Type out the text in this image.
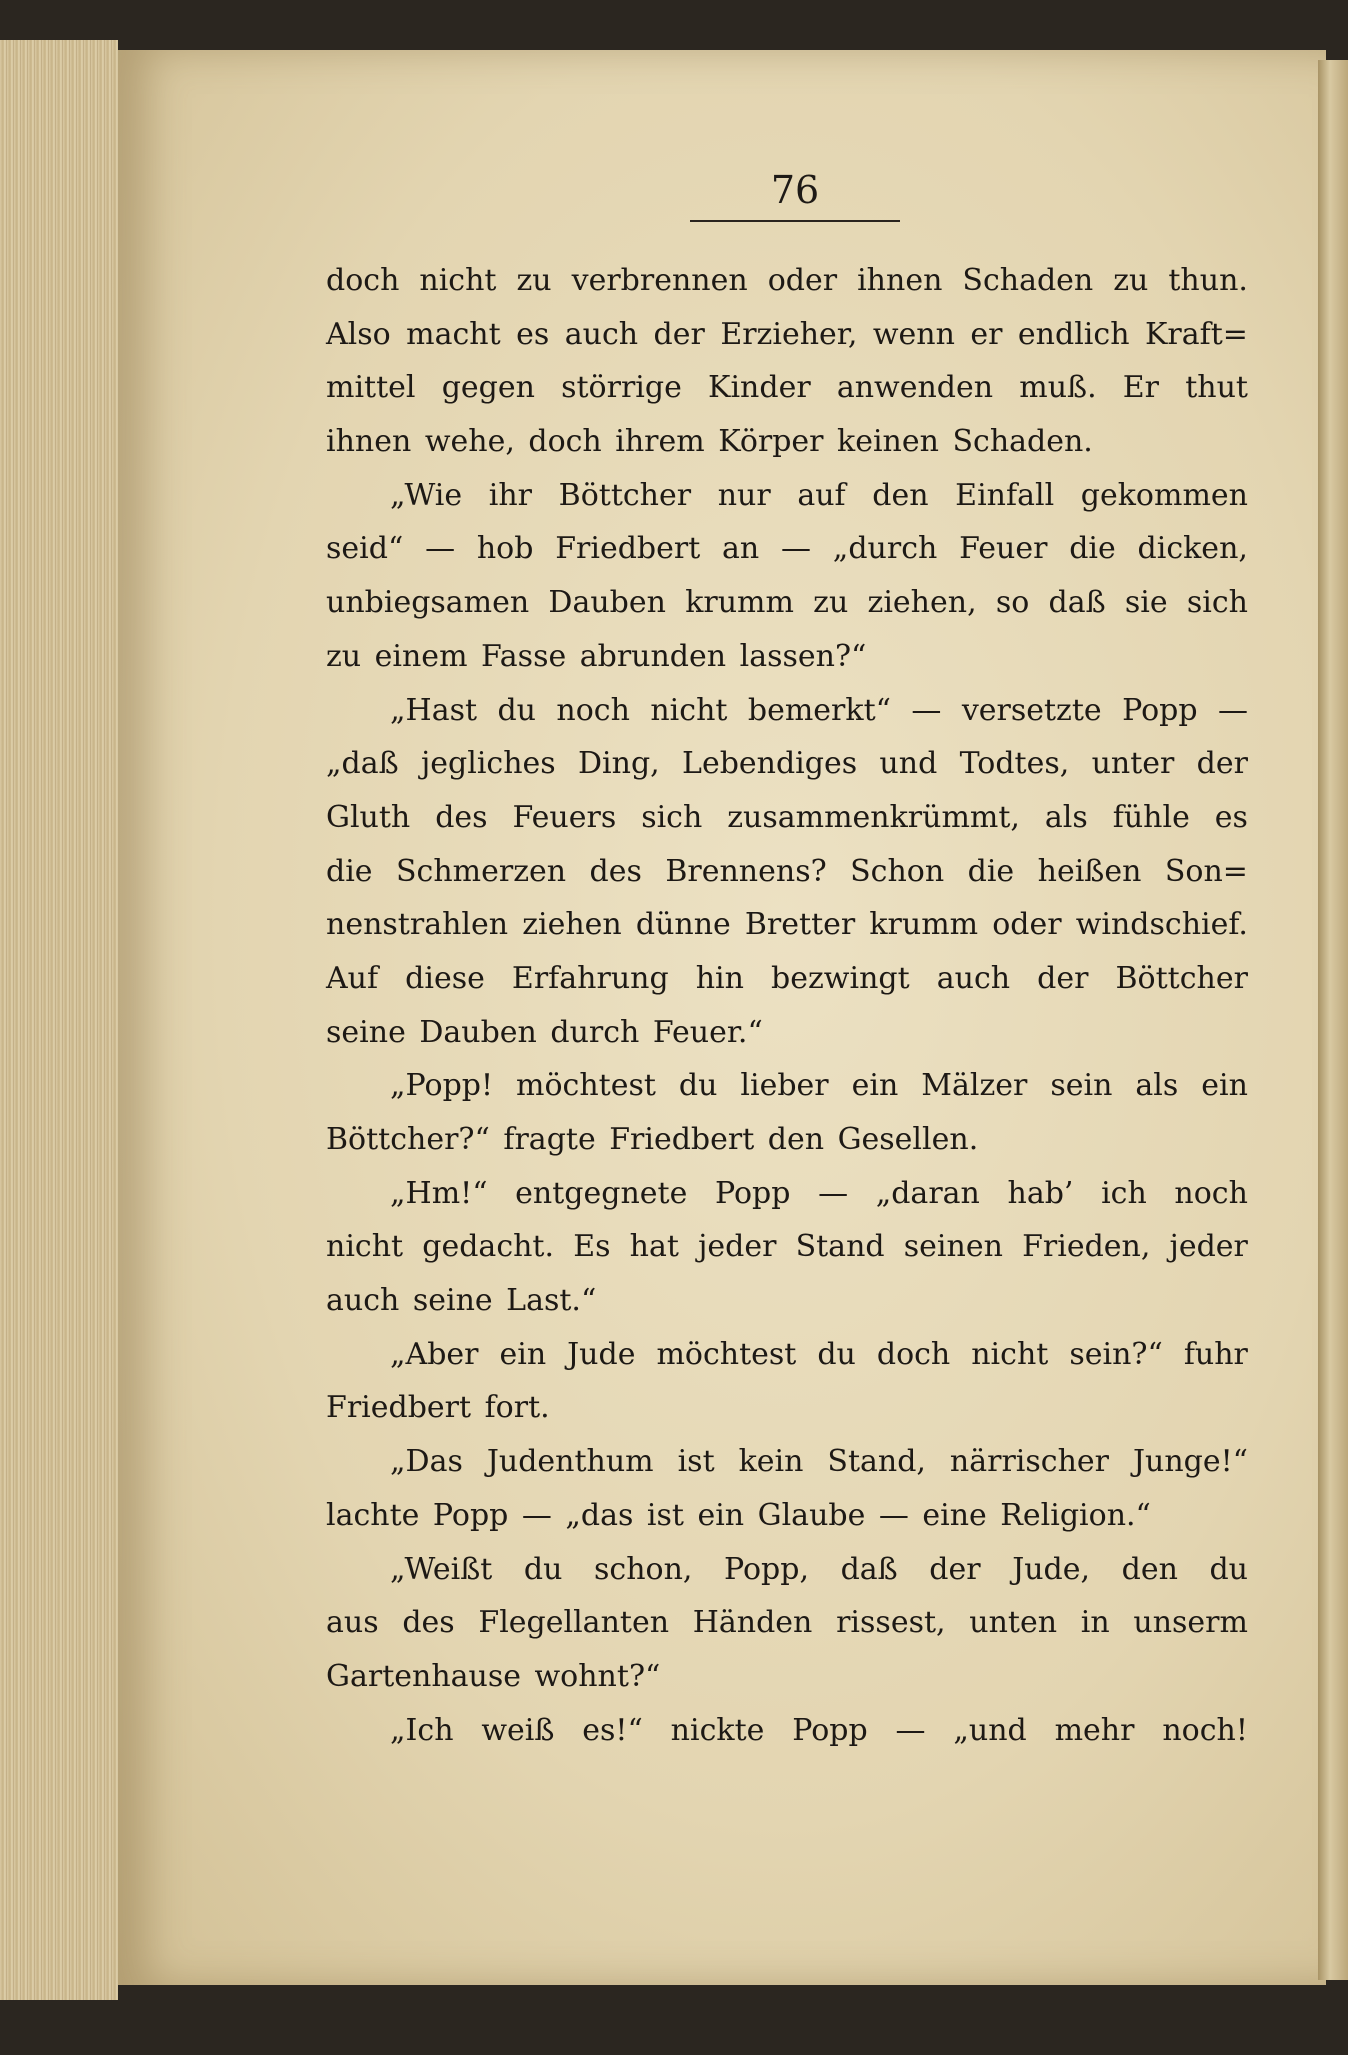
76
doch nicht zu verbrennen oder ihnen Schaden zu thun.
Also macht es auch der Erzieher, wenn er endlich Kraft=
mittel gegen störrige Kinder anwenden muß. Er thut
ihnen wehe, doch ihrem Körper keinen Schaden.
„Wie ihr Böttcher nur auf den Einfall gekommen
seid“ — hob Friedbert an — „durch Feuer die dicken,
unbiegsamen Dauben krumm zu ziehen, so daß sie sich
zu einem Fasse abrunden lassen?“
„Hast du noch nicht bemerkt“ — versetzte Popp —
„daß jegliches Ding, Lebendiges und Todtes, unter der
Gluth des Feuers sich zusammenkrümmt, als fühle es
die Schmerzen des Brennens? Schon die heißen Son=
nenstrahlen ziehen dünne Bretter krumm oder windschief.
Auf diese Erfahrung hin bezwingt auch der Böttcher
seine Dauben durch Feuer.“
„Popp! möchtest du lieber ein Mälzer sein als ein
Böttcher?“ fragte Friedbert den Gesellen.
„Hm!“ entgegnete Popp — „daran hab’ ich noch
nicht gedacht. Es hat jeder Stand seinen Frieden, jeder
auch seine Last.“
„Aber ein Jude möchtest du doch nicht sein?“ fuhr
Friedbert fort.
„Das Judenthum ist kein Stand, närrischer Junge!“
lachte Popp — „das ist ein Glaube — eine Religion.“
„Weißt du schon, Popp, daß der Jude, den du
aus des Flegellanten Händen rissest, unten in unserm
Gartenhause wohnt?“
„Ich weiß es!“ nickte Popp — „und mehr noch!
